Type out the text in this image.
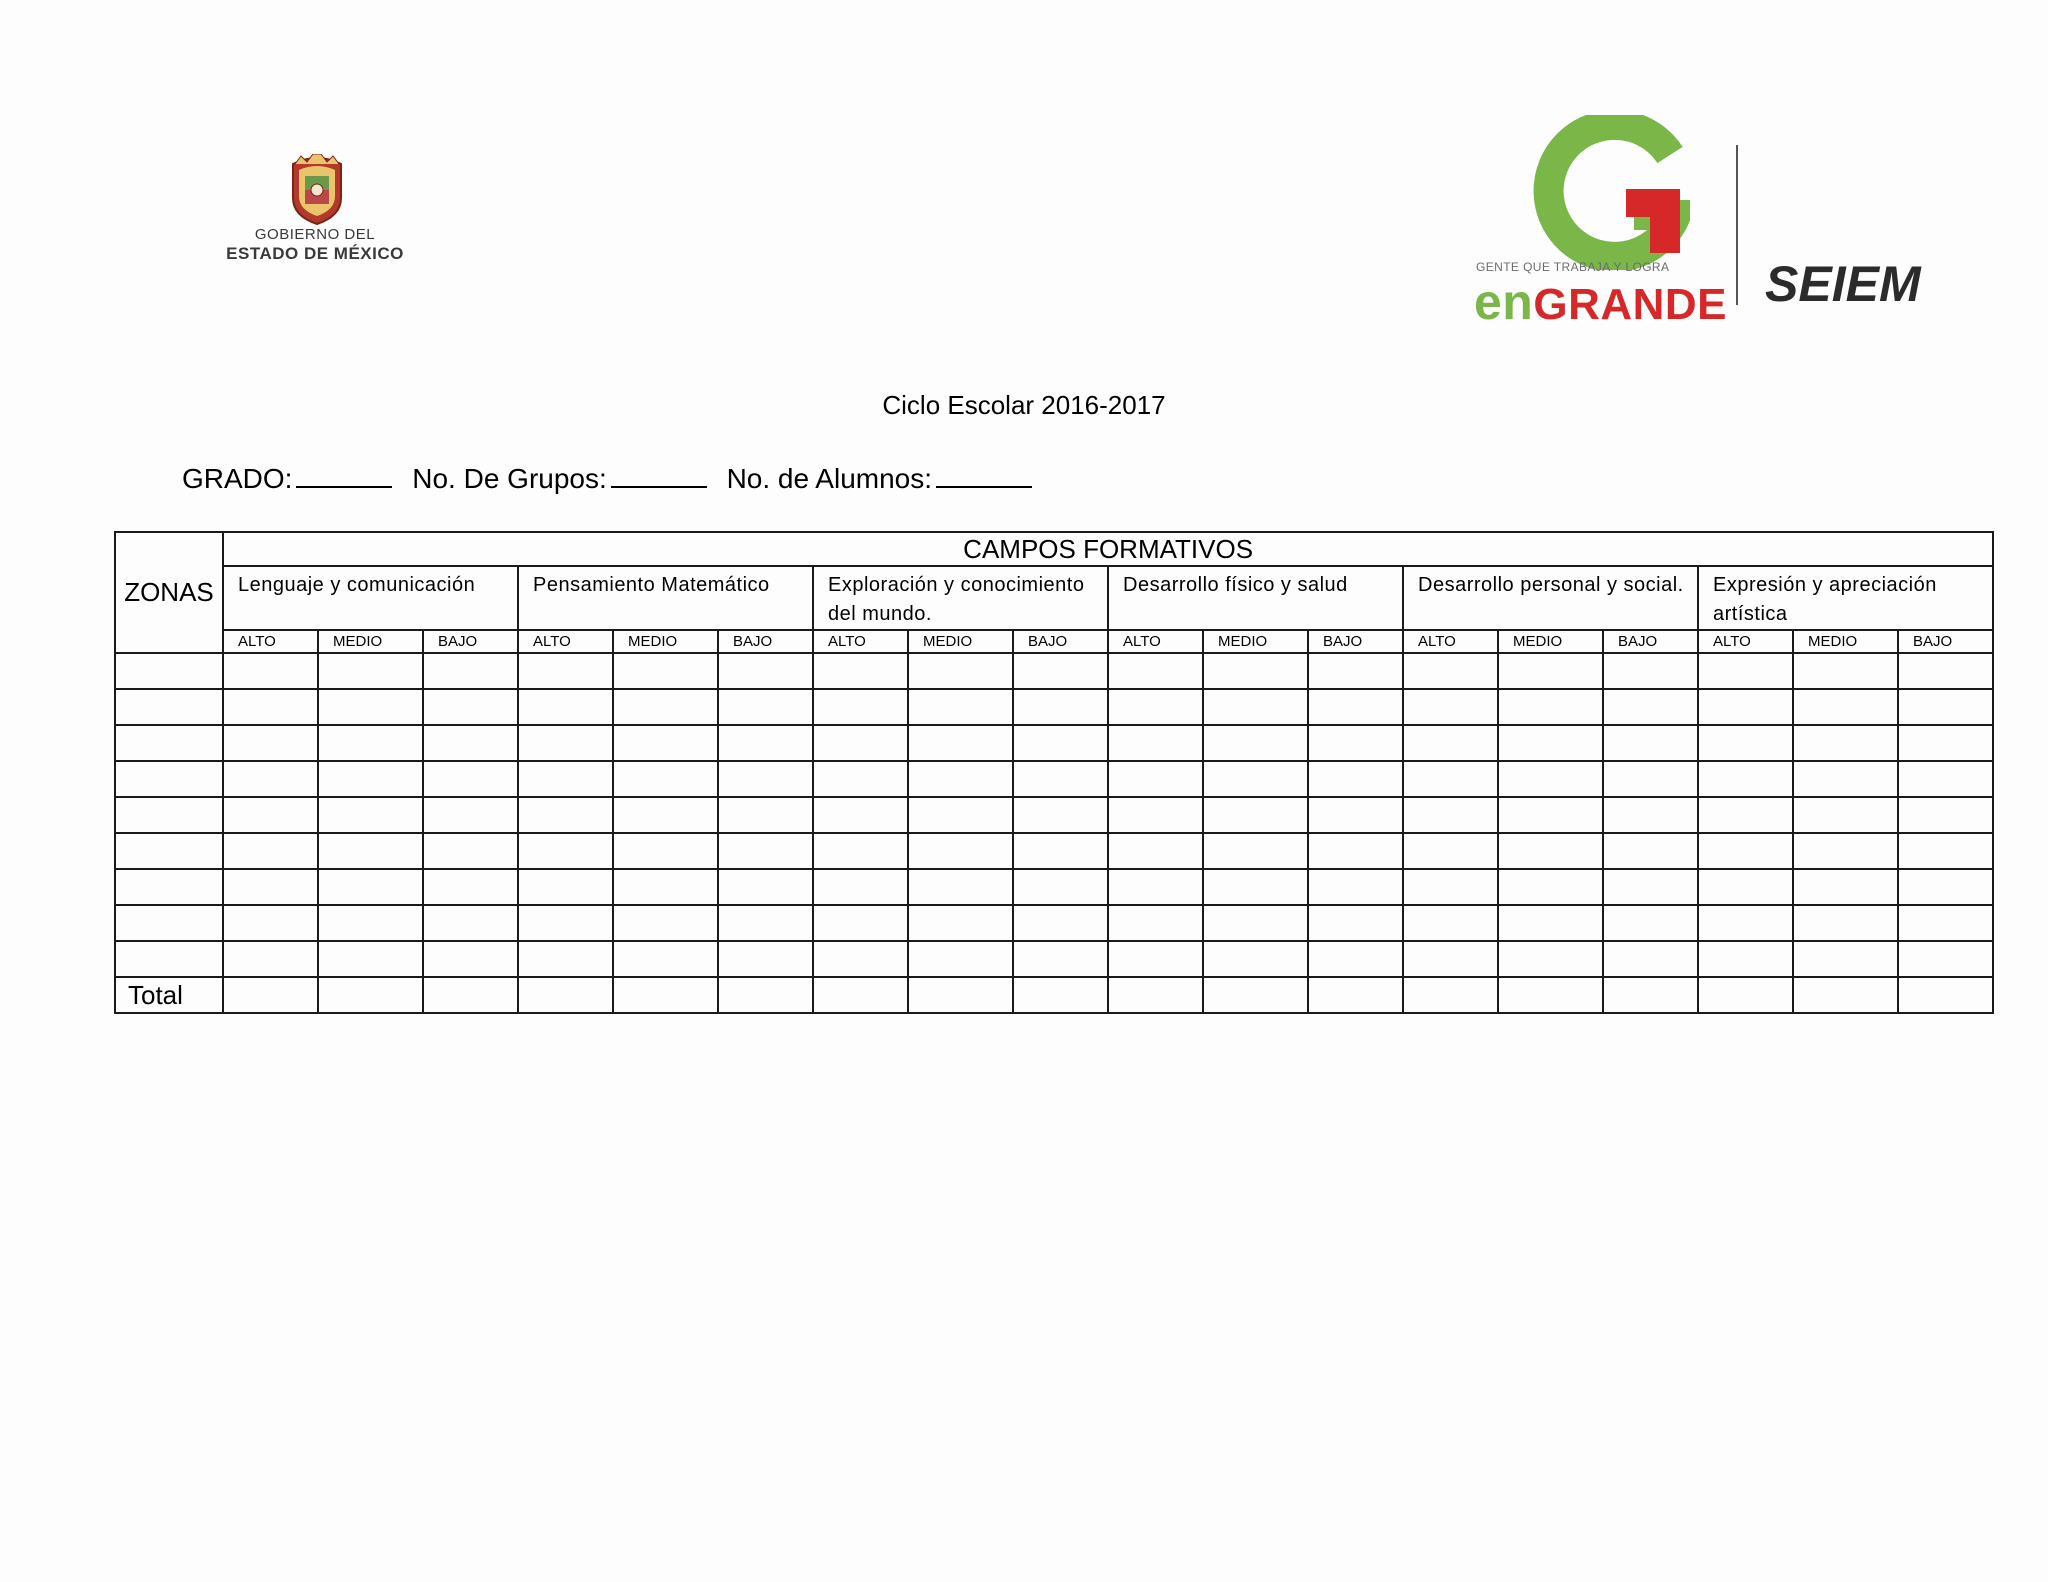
GOBIERNO DEL
ESTADO DE MÉXICO
GENTE QUE TRABAJA Y LOGRA
enGRANDE SEIEM
Ciclo Escolar 2016-2017
GRADO:	No. De Grupos:	No. de Alumnos:
ZONAS	CAMPOS FORMATIVOS																	
	Lenguaje y comunicación			Pensamiento Matemático			Exploración y conocimiento del mundo.			Desarrollo físico y salud			Desarrollo personal y social.			Expresión y apreciación artística		
	ALTO	MEDIO	BAJO	ALTO	MEDIO	BAJO	ALTO	MEDIO	BAJO	ALTO	MEDIO	BAJO	ALTO	MEDIO	BAJO	ALTO	MEDIO	BAJO

Total																		
